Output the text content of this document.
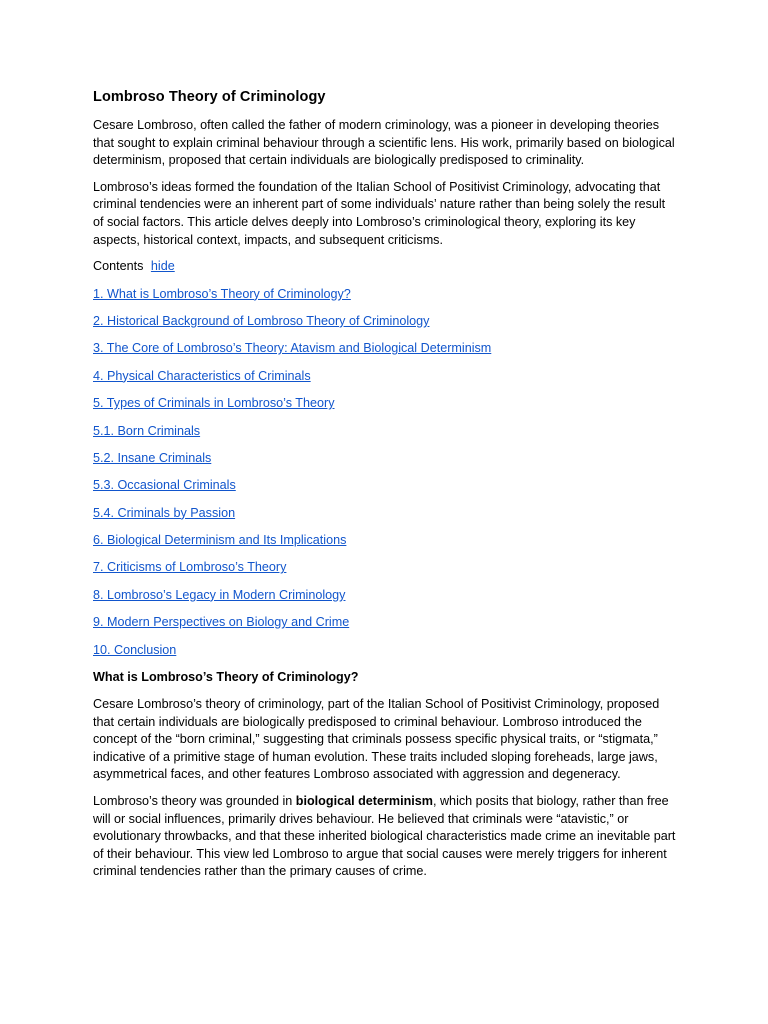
Lombroso Theory of Criminology

Cesare Lombroso, often called the father of modern criminology, was a pioneer in developing theories that sought to explain criminal behaviour through a scientific lens. His work, primarily based on biological determinism, proposed that certain individuals are biologically predisposed to criminality.

Lombroso’s ideas formed the foundation of the Italian School of Positivist Criminology, advocating that criminal tendencies were an inherent part of some individuals’ nature rather than being solely the result of social factors. This article delves deeply into Lombroso’s criminological theory, exploring its key aspects, historical context, impacts, and subsequent criticisms.

Contents hide
1. What is Lombroso’s Theory of Criminology?
2. Historical Background of Lombroso Theory of Criminology
3. The Core of Lombroso’s Theory: Atavism and Biological Determinism
4. Physical Characteristics of Criminals
5. Types of Criminals in Lombroso’s Theory
5.1. Born Criminals
5.2. Insane Criminals
5.3. Occasional Criminals
5.4. Criminals by Passion
6. Biological Determinism and Its Implications
7. Criticisms of Lombroso’s Theory
8. Lombroso’s Legacy in Modern Criminology
9. Modern Perspectives on Biology and Crime
10. Conclusion
What is Lombroso’s Theory of Criminology?

Cesare Lombroso’s theory of criminology, part of the Italian School of Positivist Criminology, proposed that certain individuals are biologically predisposed to criminal behaviour. Lombroso introduced the concept of the “born criminal,” suggesting that criminals possess specific physical traits, or “stigmata,” indicative of a primitive stage of human evolution. These traits included sloping foreheads, large jaws, asymmetrical faces, and other features Lombroso associated with aggression and degeneracy.

Lombroso’s theory was grounded in biological determinism, which posits that biology, rather than free will or social influences, primarily drives behaviour. He believed that criminals were “atavistic,” or evolutionary throwbacks, and that these inherited biological characteristics made crime an inevitable part of their behaviour. This view led Lombroso to argue that social causes were merely triggers for inherent criminal tendencies rather than the primary causes of crime.
